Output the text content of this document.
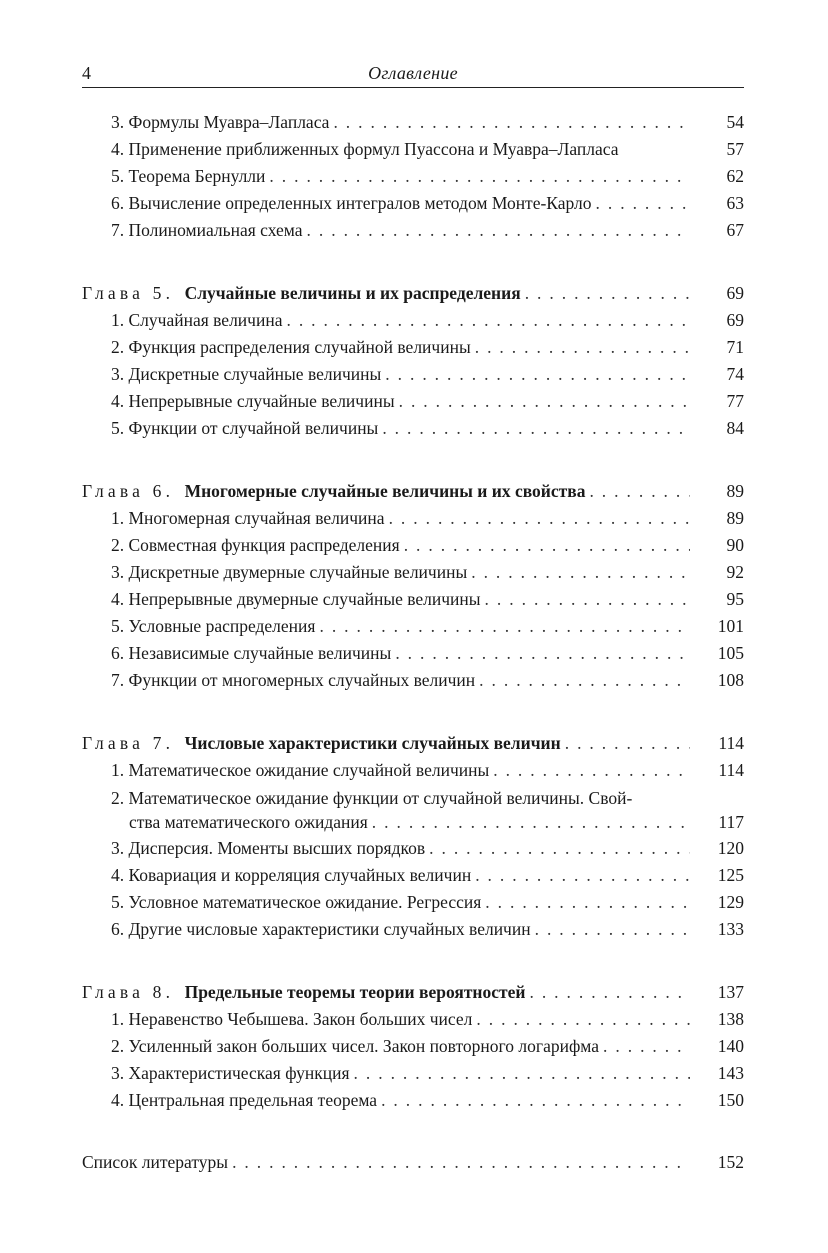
4	Оглавление
3. Формулы Муавра–Лапласа . . .	54
4. Применение приближенных формул Пуассона и Муавра–Лапласа	57
5. Теорема Бернулли . . .	62
6. Вычисление определенных интегралов методом Монте-Карло . . .	63
7. Полиномиальная схема . . .	67
Глава 5. Случайные величины и их распределения . . .	69
1. Случайная величина . . .	69
2. Функция распределения случайной величины . . .	71
3. Дискретные случайные величины . . .	74
4. Непрерывные случайные величины . . .	77
5. Функции от случайной величины . . .	84
Глава 6. Многомерные случайные величины и их свойства . . .	89
1. Многомерная случайная величина . . .	89
2. Совместная функция распределения . . .	90
3. Дискретные двумерные случайные величины . . .	92
4. Непрерывные двумерные случайные величины . . .	95
5. Условные распределения . . .	101
6. Независимые случайные величины . . .	105
7. Функции от многомерных случайных величин . . .	108
Глава 7. Числовые характеристики случайных величин . . .	114
1. Математическое ожидание случайной величины . . .	114
2. Математическое ожидание функции от случайной величины. Свой-
ства математического ожидания . . .	117
3. Дисперсия. Моменты высших порядков . . .	120
4. Ковариация и корреляция случайных величин . . .	125
5. Условное математическое ожидание. Регрессия . . .	129
6. Другие числовые характеристики случайных величин . . .	133
Глава 8. Предельные теоремы теории вероятностей . . .	137
1. Неравенство Чебышева. Закон больших чисел . . .	138
2. Усиленный закон больших чисел. Закон повторного логарифма . . .	140
3. Характеристическая функция . . .	143
4. Центральная предельная теорема . . .	150
Список литературы . . .	152
